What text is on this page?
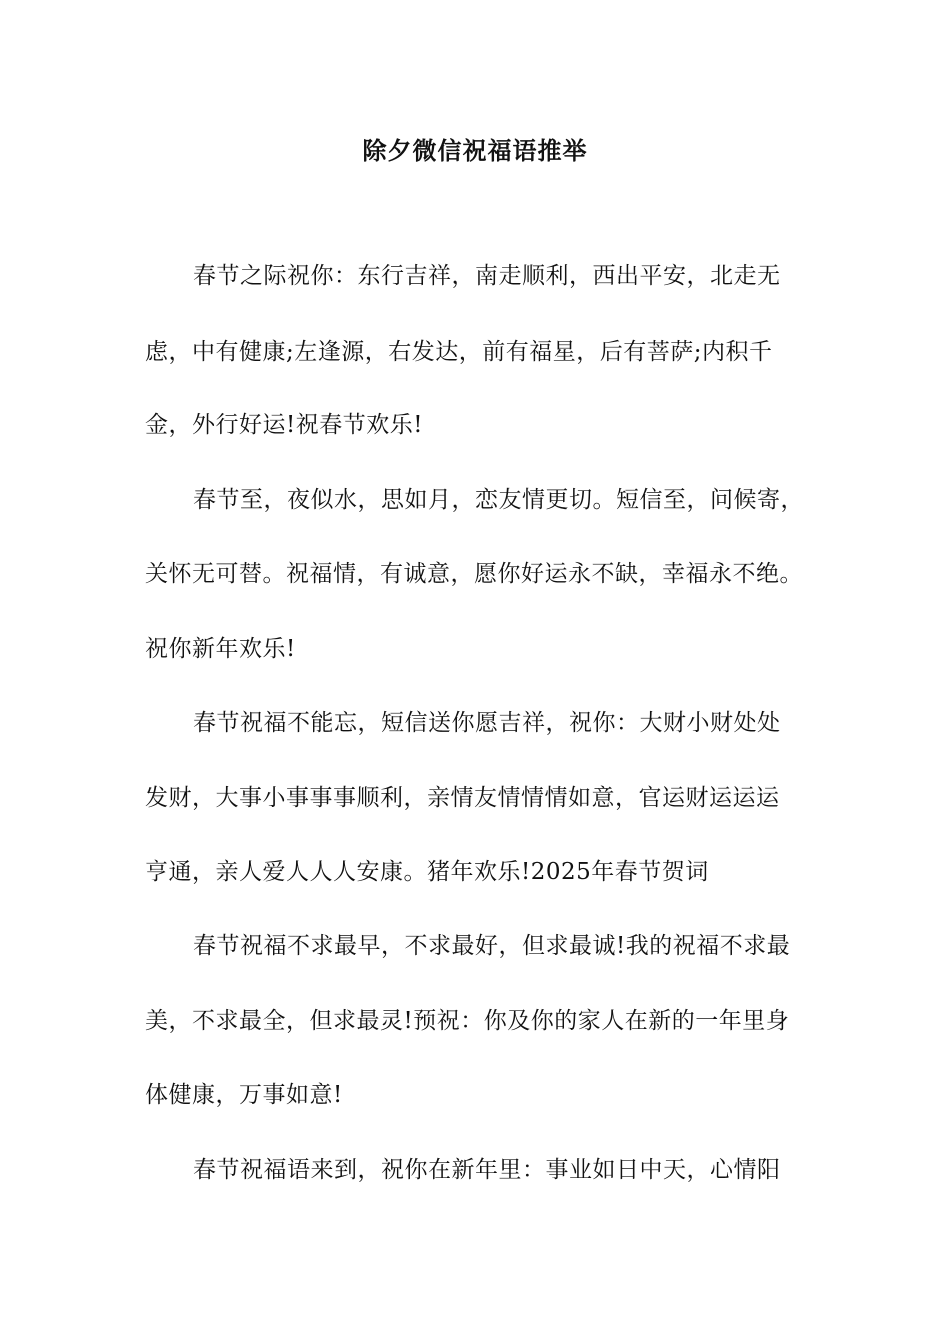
除夕微信祝福语推举
春节之际祝你：东行吉祥，南走顺利，西出平安，北走无
虑，中有健康;左逢源，右发达，前有福星，后有菩萨;内积千
金，外行好运!祝春节欢乐!
春节至，夜似水，思如月，恋友情更切。短信至，问候寄，
关怀无可替。祝福情，有诚意，愿你好运永不缺，幸福永不绝。
祝你新年欢乐!
春节祝福不能忘，短信送你愿吉祥，祝你：大财小财处处
发财，大事小事事事顺利，亲情友情情情如意，官运财运运运
亨通，亲人爱人人人安康。猪年欢乐!2025年春节贺词
春节祝福不求最早，不求最好，但求最诚!我的祝福不求最
美，不求最全，但求最灵!预祝：你及你的家人在新的一年里身
体健康，万事如意!
春节祝福语来到，祝你在新年里：事业如日中天，心情阳
